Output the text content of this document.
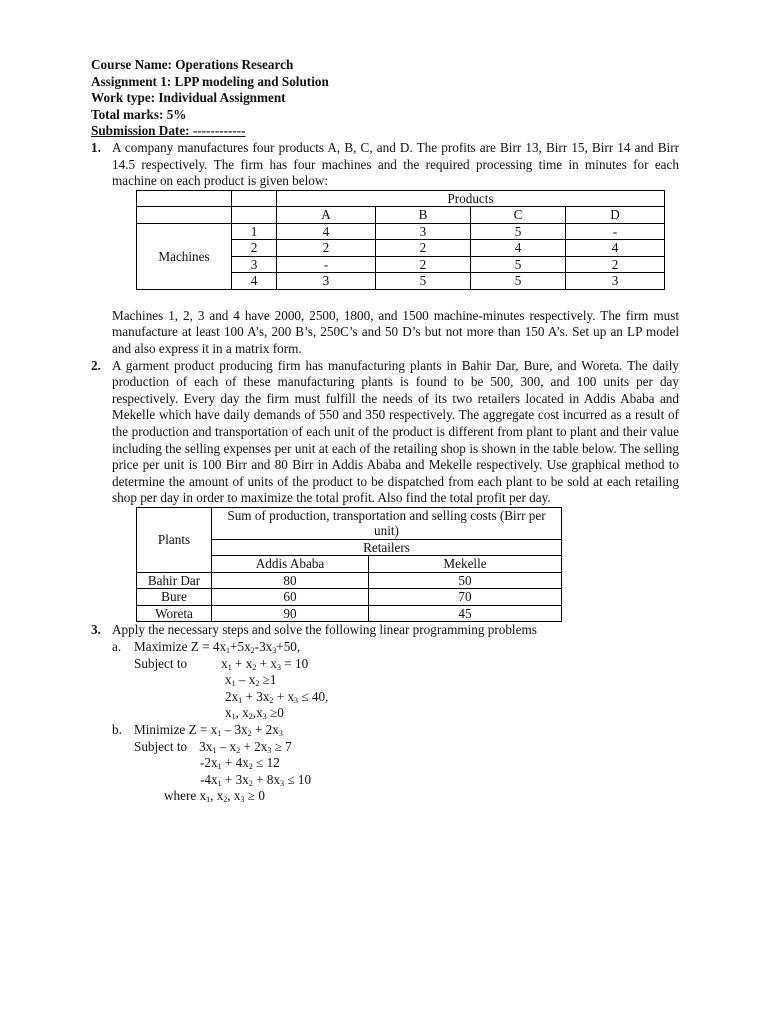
Course Name: Operations Research

Assignment 1: LPP modeling and Solution

Work type: Individual Assignment

Total marks: 5%

Submission Date: ------------

1. A company manufactures four products A, B, C, and D. The profits are Birr 13, Birr 15, Birr 14 and Birr 14.5 respectively. The firm has four machines and the required processing time in minutes for each machine on each product is given below:

		Products			
		A	B	C	D
Machines	1	4	3	5	-
	2	2	2	4	4
	3	-	2	5	2
	4	3	5	5	3

Machines 1, 2, 3 and 4 have 2000, 2500, 1800, and 1500 machine-minutes respectively. The firm must manufacture at least 100 A’s, 200 B’s, 250C’s and 50 D’s but not more than 150 A’s. Set up an LP model and also express it in a matrix form.

2. A garment product producing firm has manufacturing plants in Bahir Dar, Bure, and Woreta. The daily production of each of these manufacturing plants is found to be 500, 300, and 100 units per day respectively. Every day the firm must fulfill the needs of its two retailers located in Addis Ababa and Mekelle which have daily demands of 550 and 350 respectively. The aggregate cost incurred as a result of the production and transportation of each unit of the product is different from plant to plant and their value including the selling expenses per unit at each of the retailing shop is shown in the table below. The selling price per unit is 100 Birr and 80 Birr in Addis Ababa and Mekelle respectively. Use graphical method to determine the amount of units of the product to be dispatched from each plant to be sold at each retailing shop per day in order to maximize the total profit. Also find the total profit per day.

Plants	Sum of production, transportation and selling costs (Birr per unit)	
	Retailers	
	Addis Ababa	Mekelle
Bahir Dar	80	50
Bure	60	70
Woreta	90	45
3. Apply the necessary steps and solve the following linear programming problems

a. Maximize $Z = 4x_1+5x_2-3x_3+50$,

Subject to	$x_1 + x_2 + x_3 = 10$

$x_1 - x_2 \ge 1$

$2x_1 + 3x_2 + x_3 \le 40$,

$x_1$, $x_2,x_3 \ge 0$

b. Minimize $Z = x_1 - 3x_2 + 2x_3$

Subject to $3x_1 - x_2 + 2x_3 \ge 7$

$-2x_1 + 4x_2 \le 12$

$-4x_1 + 3x_2 + 8x_3 \le 10$

where $x_1$, $x_2$, $x_3 \ge 0$
